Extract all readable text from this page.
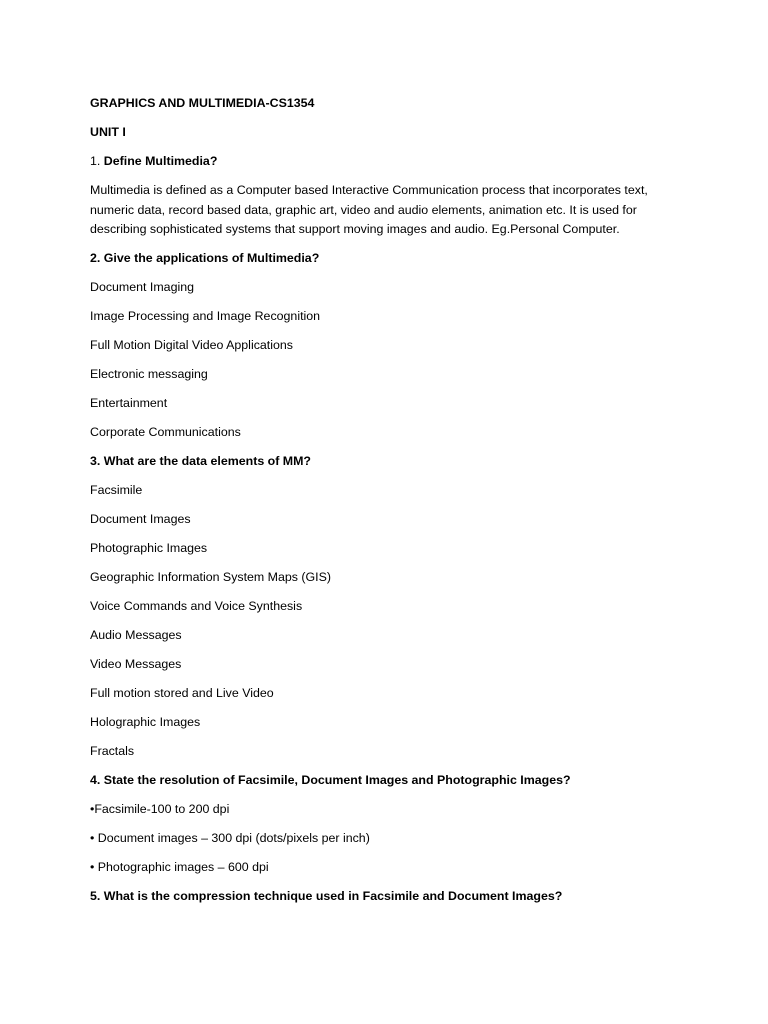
GRAPHICS AND MULTIMEDIA-CS1354

UNIT I

1. Define Multimedia?

Multimedia is defined as a Computer based Interactive Communication process that incorporates text,
numeric data, record based data, graphic art, video and audio elements, animation etc. It is used for
describing sophisticated systems that support moving images and audio. Eg.Personal Computer.

2. Give the applications of Multimedia?

Document Imaging

Image Processing and Image Recognition

Full Motion Digital Video Applications

Electronic messaging

Entertainment

Corporate Communications

3. What are the data elements of MM?

Facsimile

Document Images

Photographic Images

Geographic Information System Maps (GIS)

Voice Commands and Voice Synthesis

Audio Messages

Video Messages

Full motion stored and Live Video

Holographic Images

Fractals

4. State the resolution of Facsimile, Document Images and Photographic Images?

•Facsimile-100 to 200 dpi

• Document images – 300 dpi (dots/pixels per inch)

• Photographic images – 600 dpi

5. What is the compression technique used in Facsimile and Document Images?
